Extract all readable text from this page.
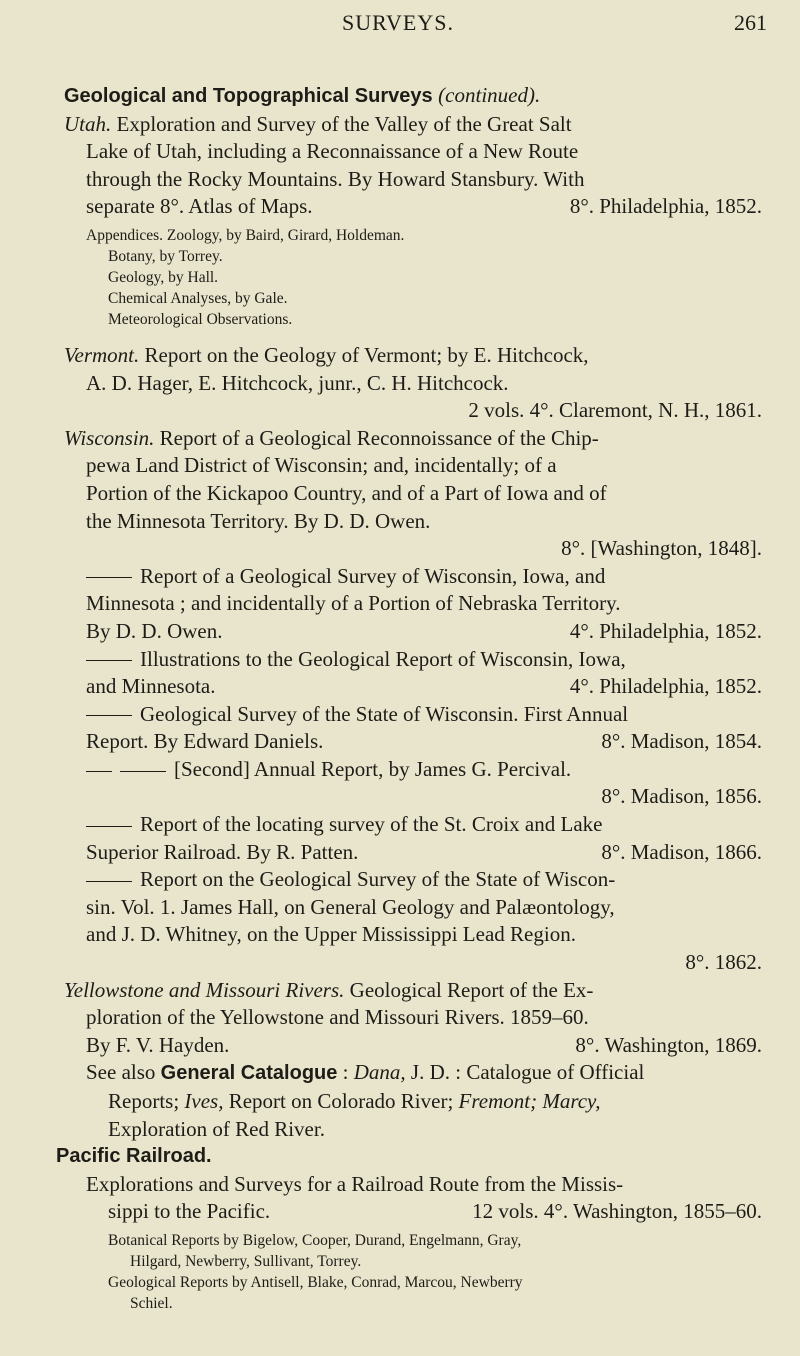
SURVEYS.	261

Geological and Topographical Surveys (continued).

Utah. Exploration and Survey of the Valley of the Great Salt

Lake of Utah, including a Reconnaissance of a New Route

through the Rocky Mountains. By Howard Stansbury. With

separate 8°. Atlas of Maps.	8°. Philadelphia, 1852.

Appendices. Zoology, by Baird, Girard, Holdeman.

Botany, by Torrey.

Geology, by Hall.

Chemical Analyses, by Gale.

Meteorological Observations.

Vermont. Report on the Geology of Vermont; by E. Hitchcock,

A. D. Hager, E. Hitchcock, junr., C. H. Hitchcock.

2 vols. 4°. Claremont, N. H., 1861.

Wisconsin. Report of a Geological Reconnoissance of the Chip-

pewa Land District of Wisconsin; and, incidentally; of a

Portion of the Kickapoo Country, and of a Part of Iowa and of

the Minnesota Territory. By D. D. Owen.

8°. [Washington, 1848].

Report of a Geological Survey of Wisconsin, Iowa, and

Minnesota ; and incidentally of a Portion of Nebraska Territory.

By D. D. Owen.	4°. Philadelphia, 1852.

Illustrations to the Geological Report of Wisconsin, Iowa,

and Minnesota.	4°. Philadelphia, 1852.

Geological Survey of the State of Wisconsin. First Annual

Report. By Edward Daniels.	8°. Madison, 1854.

[Second] Annual Report, by James G. Percival.

8°. Madison, 1856.

Report of the locating survey of the St. Croix and Lake

Superior Railroad. By R. Patten.	8°. Madison, 1866.

Report on the Geological Survey of the State of Wiscon-

sin. Vol. 1. James Hall, on General Geology and Palæontology,

and J. D. Whitney, on the Upper Mississippi Lead Region.

8°. 1862.

Yellowstone and Missouri Rivers. Geological Report of the Ex-

ploration of the Yellowstone and Missouri Rivers. 1859–60.

By F. V. Hayden.	8°. Washington, 1869.

See also General Catalogue : Dana, J. D. : Catalogue of Official

Reports; Ives, Report on Colorado River; Fremont; Marcy,

Exploration of Red River.

Pacific Railroad.

Explorations and Surveys for a Railroad Route from the Missis-

sippi to the Pacific.	12 vols. 4°. Washington, 1855–60.

Botanical Reports by Bigelow, Cooper, Durand, Engelmann, Gray,

Hilgard, Newberry, Sullivant, Torrey.

Geological Reports by Antisell, Blake, Conrad, Marcou, Newberry

Schiel.
